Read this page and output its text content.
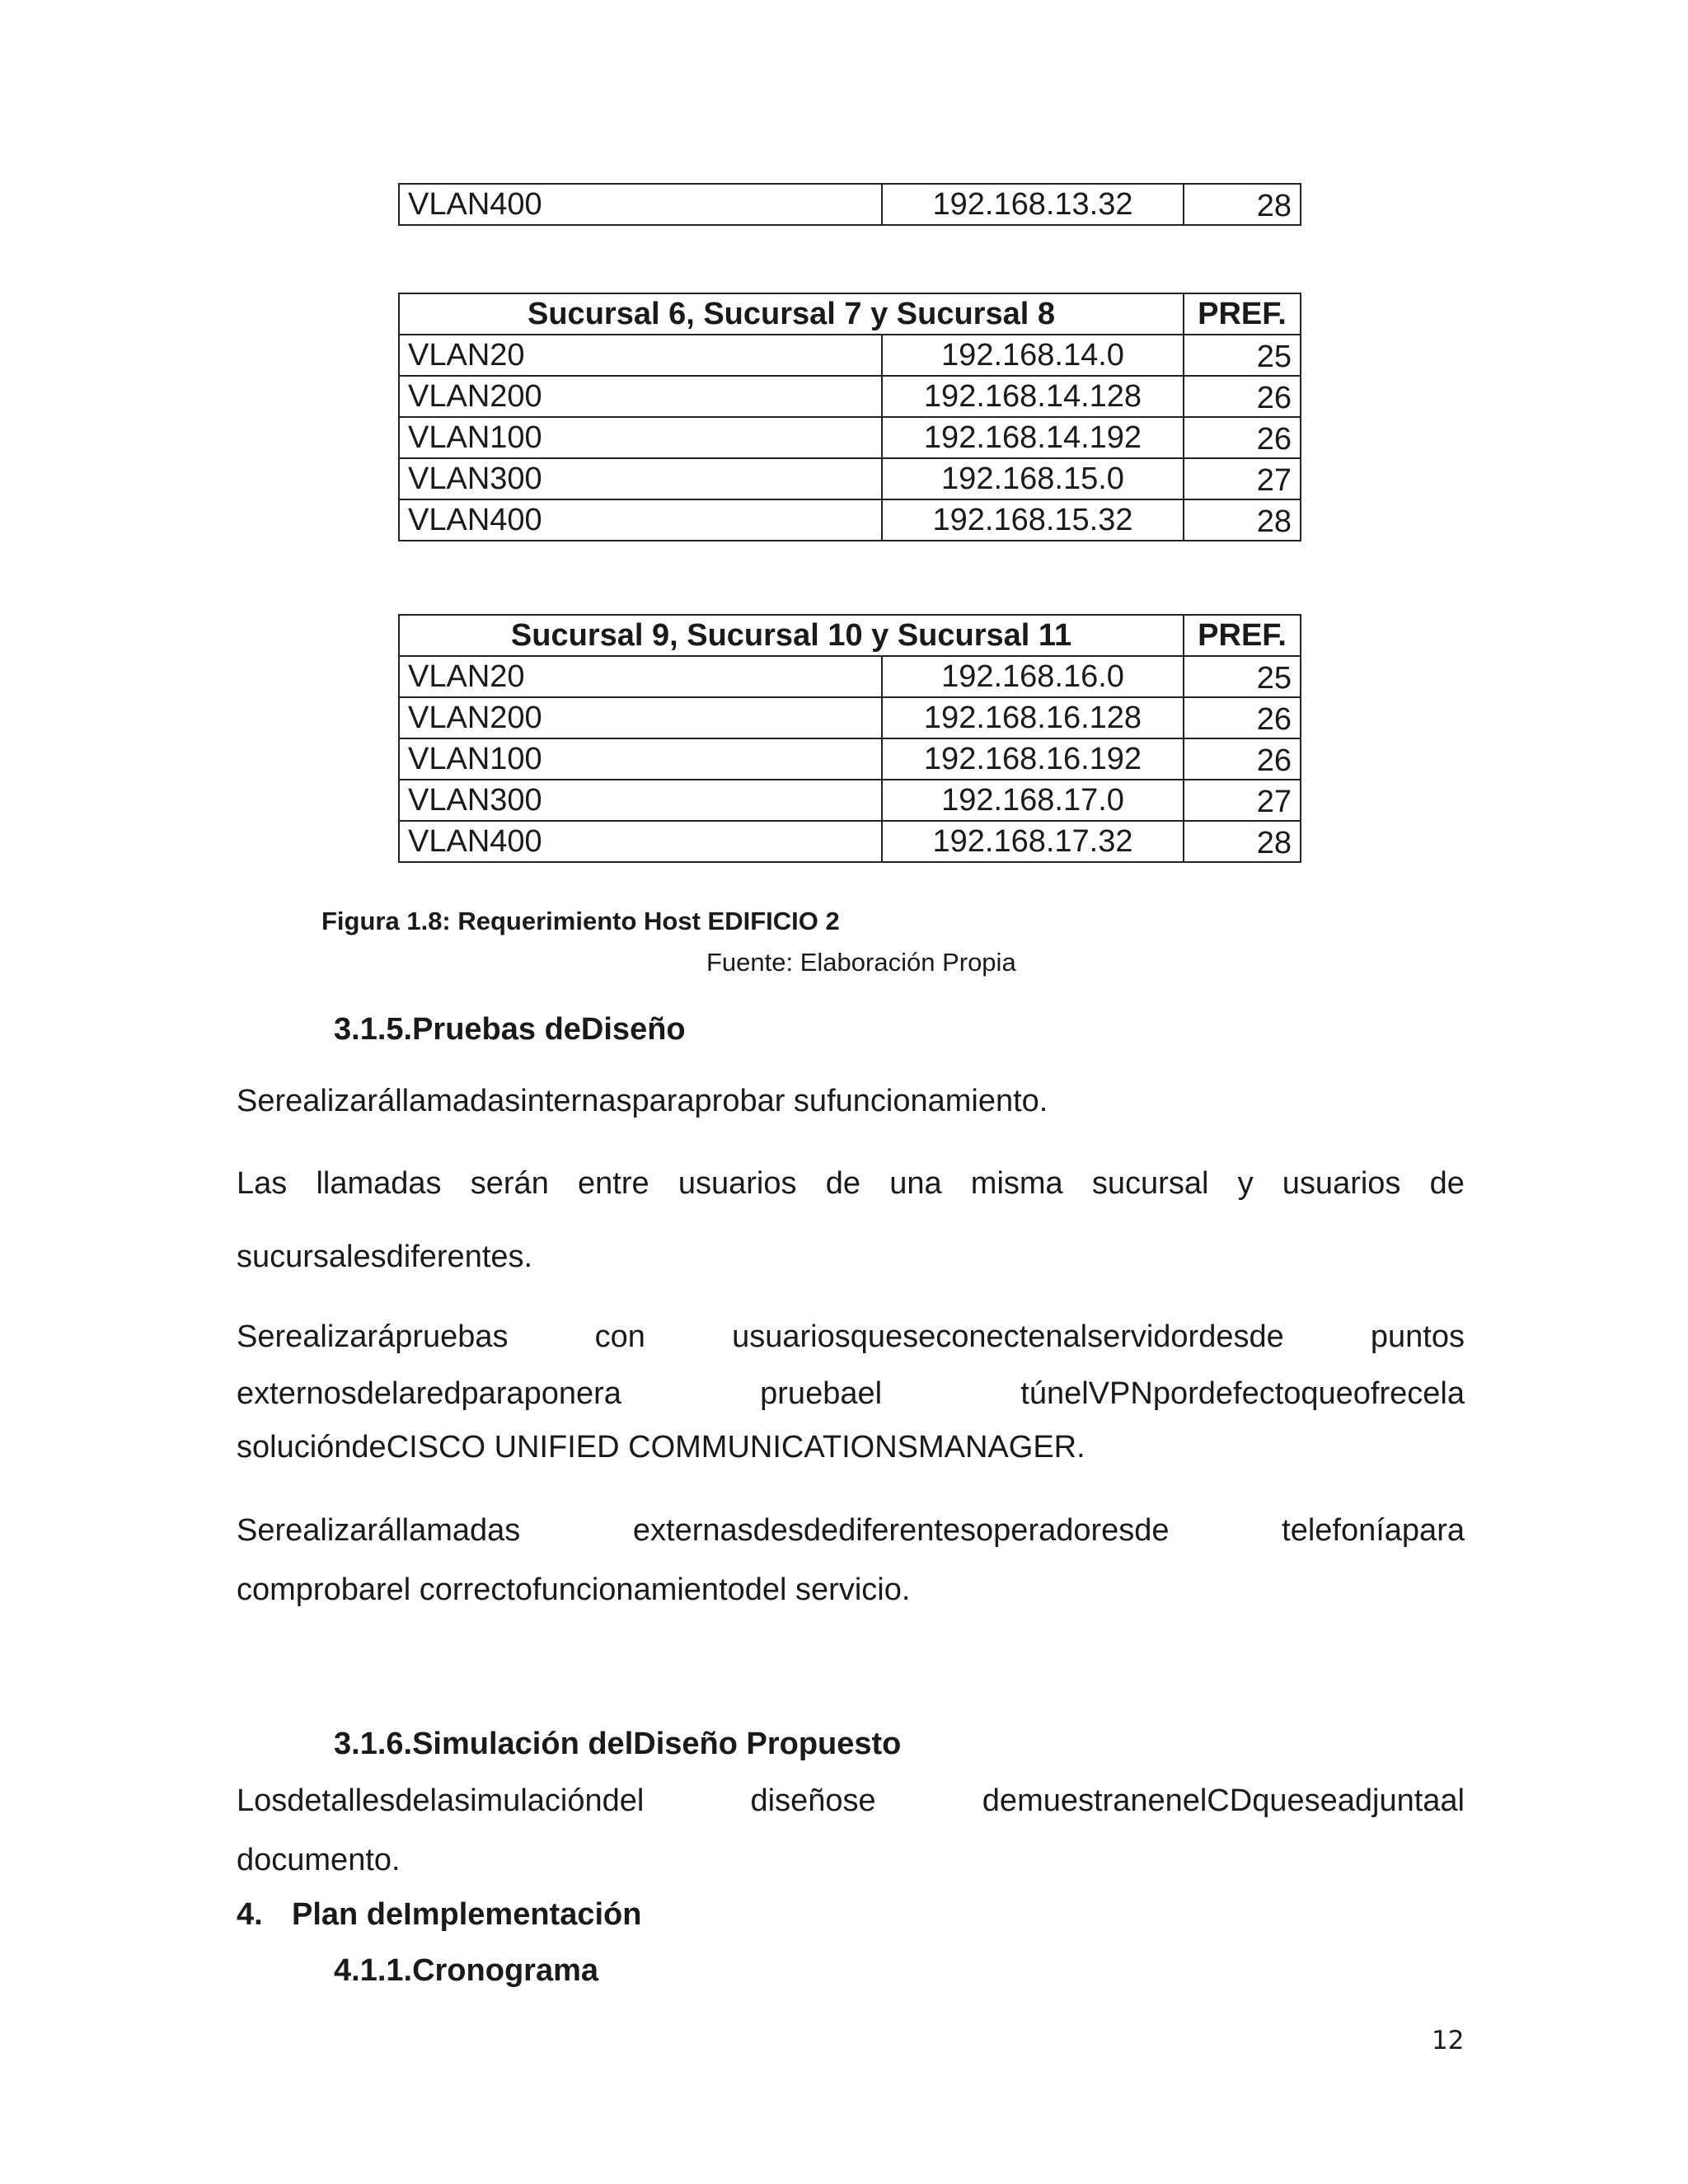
VLAN400	192.168.13.32	28
Sucursal 6, Sucursal 7 y Sucursal 8		PREF.
VLAN20	192.168.14.0	25
VLAN200	192.168.14.128	26
VLAN100	192.168.14.192	26
VLAN300	192.168.15.0	27
VLAN400	192.168.15.32	28
Sucursal 9, Sucursal 10 y Sucursal 11		PREF.
VLAN20	192.168.16.0	25
VLAN200	192.168.16.128	26
VLAN100	192.168.16.192	26
VLAN300	192.168.17.0	27
VLAN400	192.168.17.32	28
Figura 1.8: Requerimiento Host EDIFICIO 2
Fuente: Elaboración Propia
3.1.5.Pruebas deDiseño
Serealizarállamadasinternasparaprobar sufuncionamiento.
Las llamadas serán entre usuarios de una misma sucursal y usuarios de
sucursalesdiferentes.
Serealizarápruebas	con	usuariosqueseconectenalservidordesde	puntos
externosdelaredparaponera	pruebael	túnelVPNpordefectoqueofrecela
solucióndeCISCO UNIFIED COMMUNICATIONSMANAGER.
Serealizarállamadas	externasdesdediferentesoperadoresde	telefoníapara
comprobarel correctofuncionamientodel servicio.
3.1.6.Simulación delDiseño Propuesto
Losdetallesdelasimulacióndel	diseñose	demuestranenelCDqueseadjuntaal
documento.
4. Plan deImplementación
4.1.1.Cronograma
12
